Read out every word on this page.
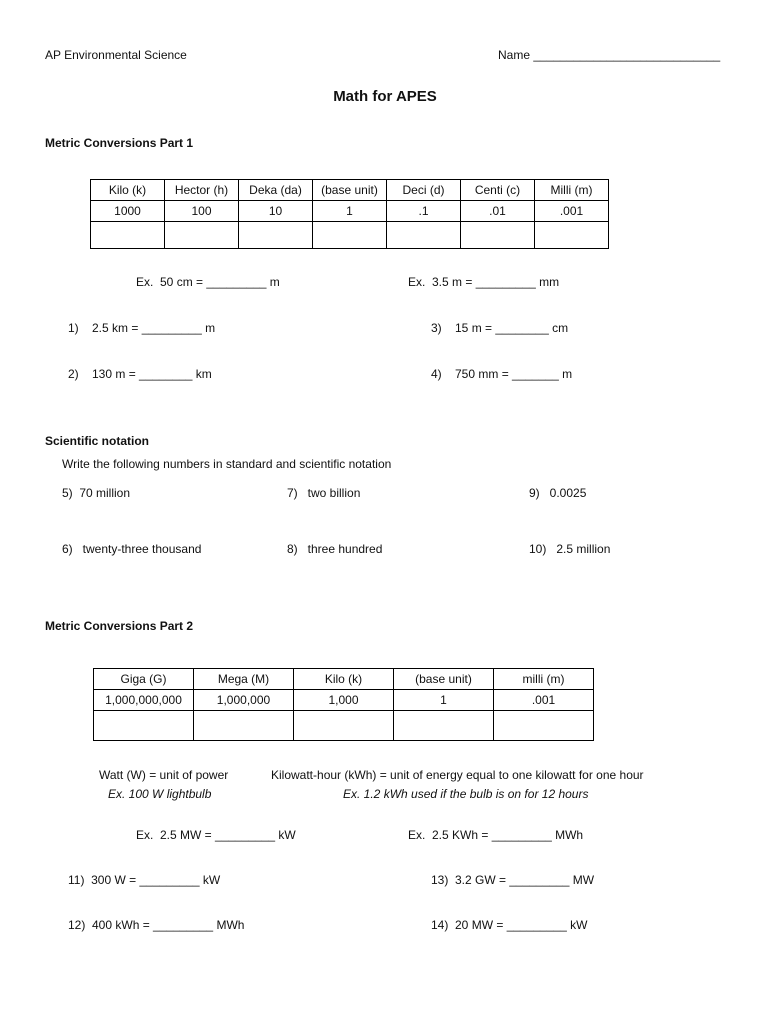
AP Environmental Science	Name ____________________________
Math for APES
Metric Conversions Part 1
Kilo (k)	Hector (h)	Deka (da)	(base unit)	Deci (d)	Centi (c)	Milli (m)
1000	100	10	1	.1	.01	.001

Ex.  50 cm = _________ m	Ex.  3.5 m = _________ mm
1)    2.5 km = _________ m	3)    15 m = ________ cm
2)    130 m = ________ km	4)    750 mm = _______ m
Scientific notation
Write the following numbers in standard and scientific notation
5)  70 million	7)   two billion	9)   0.0025
6)   twenty-three thousand	8)   three hundred	10)   2.5 million
Metric Conversions Part 2
Giga (G)	Mega (M)	Kilo (k)	(base unit)	milli (m)
1,000,000,000	1,000,000	1,000	1	.001

Watt (W) = unit of power
Ex. 100 W lightbulb
Kilowatt-hour (kWh) = unit of energy equal to one kilowatt for one hour
Ex. 1.2 kWh used if the bulb is on for 12 hours
Ex.  2.5 MW = _________ kW	Ex.  2.5 KWh = _________ MWh
11)  300 W = _________ kW	13)  3.2 GW = _________ MW
12)  400 kWh = _________ MWh	14)  20 MW = _________ kW
